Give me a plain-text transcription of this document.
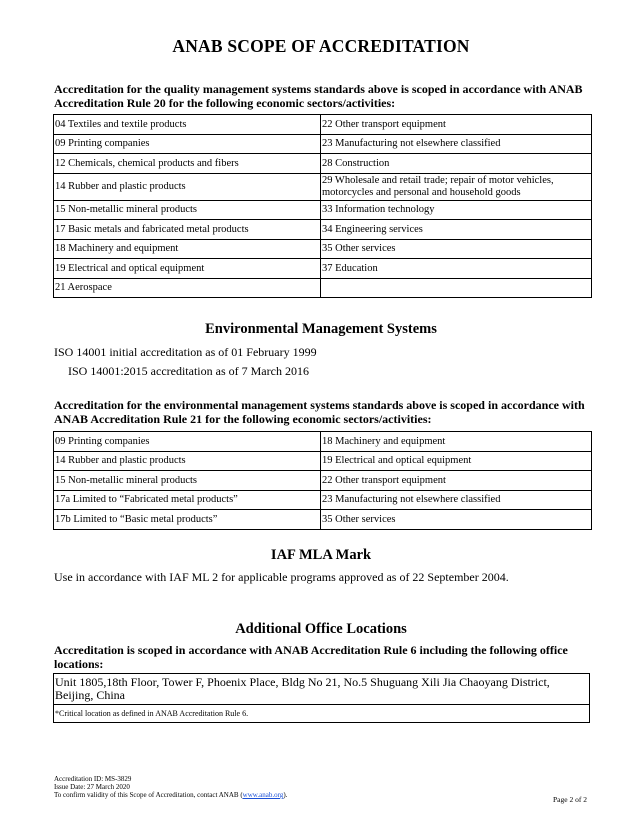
ANAB SCOPE OF ACCREDITATION
Accreditation for the quality management systems standards above is scoped in accordance with ANAB Accreditation Rule 20 for the following economic sectors/activities:
04 Textiles and textile products	22 Other transport equipment
09 Printing companies	23 Manufacturing not elsewhere classified
12 Chemicals, chemical products and fibers	28 Construction
14 Rubber and plastic products	29 Wholesale and retail trade; repair of motor vehicles, motorcycles and personal and household goods
15 Non-metallic mineral products	33 Information technology
17 Basic metals and fabricated metal products	34 Engineering services
18 Machinery and equipment	35 Other services
19 Electrical and optical equipment	37 Education
21 Aerospace	
Environmental Management Systems
ISO 14001 initial accreditation as of 01 February 1999
ISO 14001:2015 accreditation as of 7 March 2016
Accreditation for the environmental management systems standards above is scoped in accordance with ANAB Accreditation Rule 21 for the following economic sectors/activities:
09 Printing companies	18 Machinery and equipment
14 Rubber and plastic products	19 Electrical and optical equipment
15 Non-metallic mineral products	22 Other transport equipment
17a Limited to “Fabricated metal products”	23 Manufacturing not elsewhere classified
17b Limited to “Basic metal products”	35 Other services
IAF MLA Mark
Use in accordance with IAF ML 2 for applicable programs approved as of 22 September 2004.
Additional Office Locations
Accreditation is scoped in accordance with ANAB Accreditation Rule 6 including the following office locations:
Unit 1805,18th Floor, Tower F, Phoenix Place, Bldg No 21, No.5 Shuguang Xili Jia Chaoyang District, Beijing, China
*Critical location as defined in ANAB Accreditation Rule 6.
Accreditation ID: MS-3829
Issue Date: 27 March 2020
To confirm validity of this Scope of Accreditation, contact ANAB (www.anab.org).	Page 2 of 2
